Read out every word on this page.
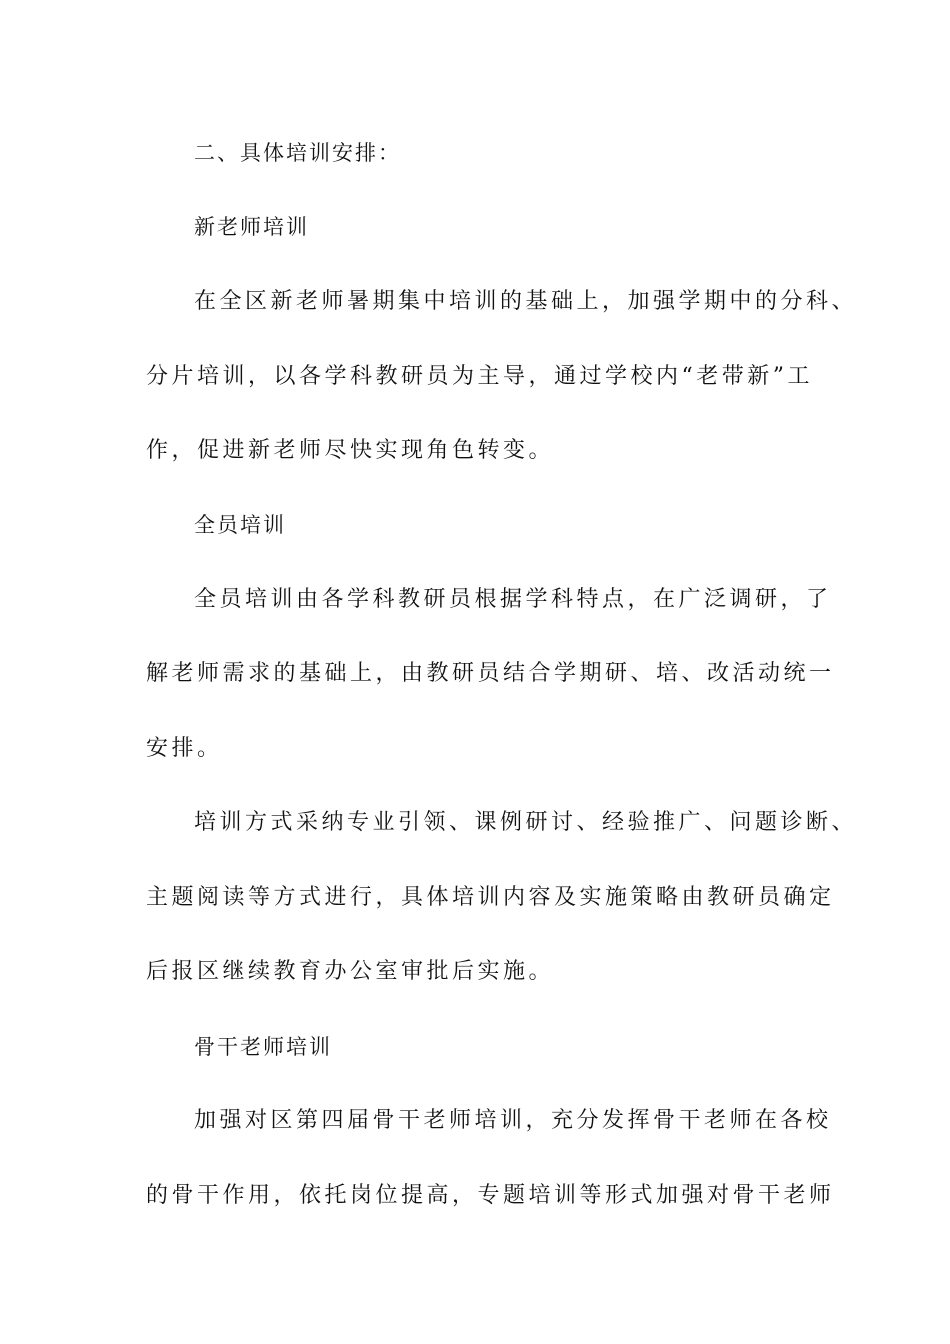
二、具体培训安排：
新老师培训
在全区新老师暑期集中培训的基础上，加强学期中的分科、
分片培训，以各学科教研员为主导，通过学校内“老带新”工
作，促进新老师尽快实现角色转变。
全员培训
全员培训由各学科教研员根据学科特点，在广泛调研，了
解老师需求的基础上，由教研员结合学期研、培、改活动统一
安排。
培训方式采纳专业引领、课例研讨、经验推广、问题诊断、
主题阅读等方式进行，具体培训内容及实施策略由教研员确定
后报区继续教育办公室审批后实施。
骨干老师培训
加强对区第四届骨干老师培训，充分发挥骨干老师在各校
的骨干作用，依托岗位提高，专题培训等形式加强对骨干老师
